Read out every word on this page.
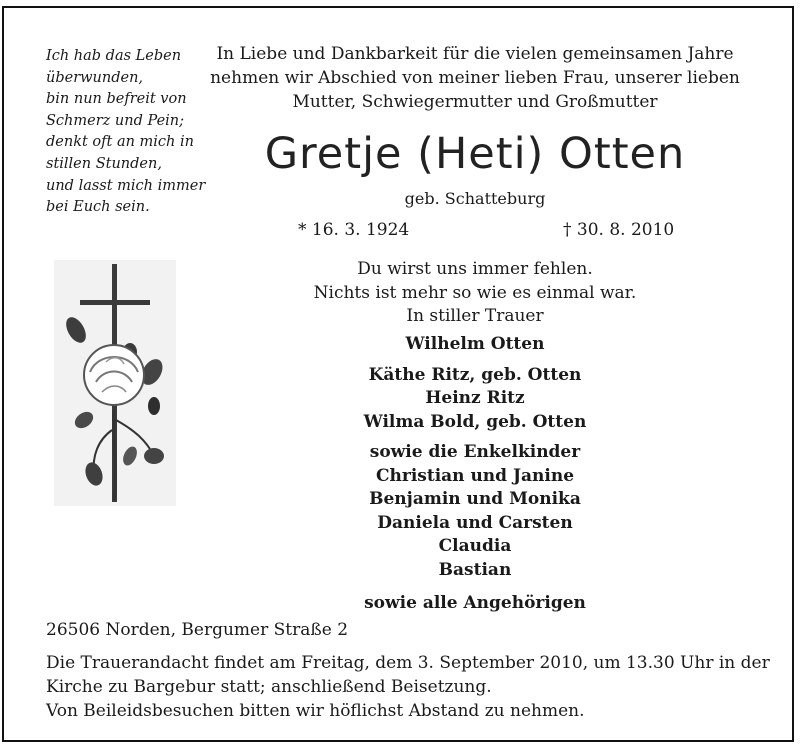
Ich hab das Leben
überwunden,
bin nun befreit von
Schmerz und Pein;
denkt oft an mich in
stillen Stunden,
und lasst mich immer
bei Euch sein.
In Liebe und Dankbarkeit für die vielen gemeinsamen Jahre
nehmen wir Abschied von meiner lieben Frau, unserer lieben
Mutter, Schwiegermutter und Großmutter
Gretje (Heti) Otten
geb. Schatteburg
* 16. 3. 1924	† 30. 8. 2010
Du wirst uns immer fehlen.
Nichts ist mehr so wie es einmal war.
In stiller Trauer
Wilhelm Otten
Käthe Ritz, geb. Otten
Heinz Ritz
Wilma Bold, geb. Otten
sowie die Enkelkinder
Christian und Janine
Benjamin und Monika
Daniela und Carsten
Claudia
Bastian
sowie alle Angehörigen
26506 Norden, Bergumer Straße 2
Die Trauerandacht findet am Freitag, dem 3. September 2010, um 13.30 Uhr in der
Kirche zu Bargebur statt; anschließend Beisetzung.
Von Beileidsbesuchen bitten wir höflichst Abstand zu nehmen.
